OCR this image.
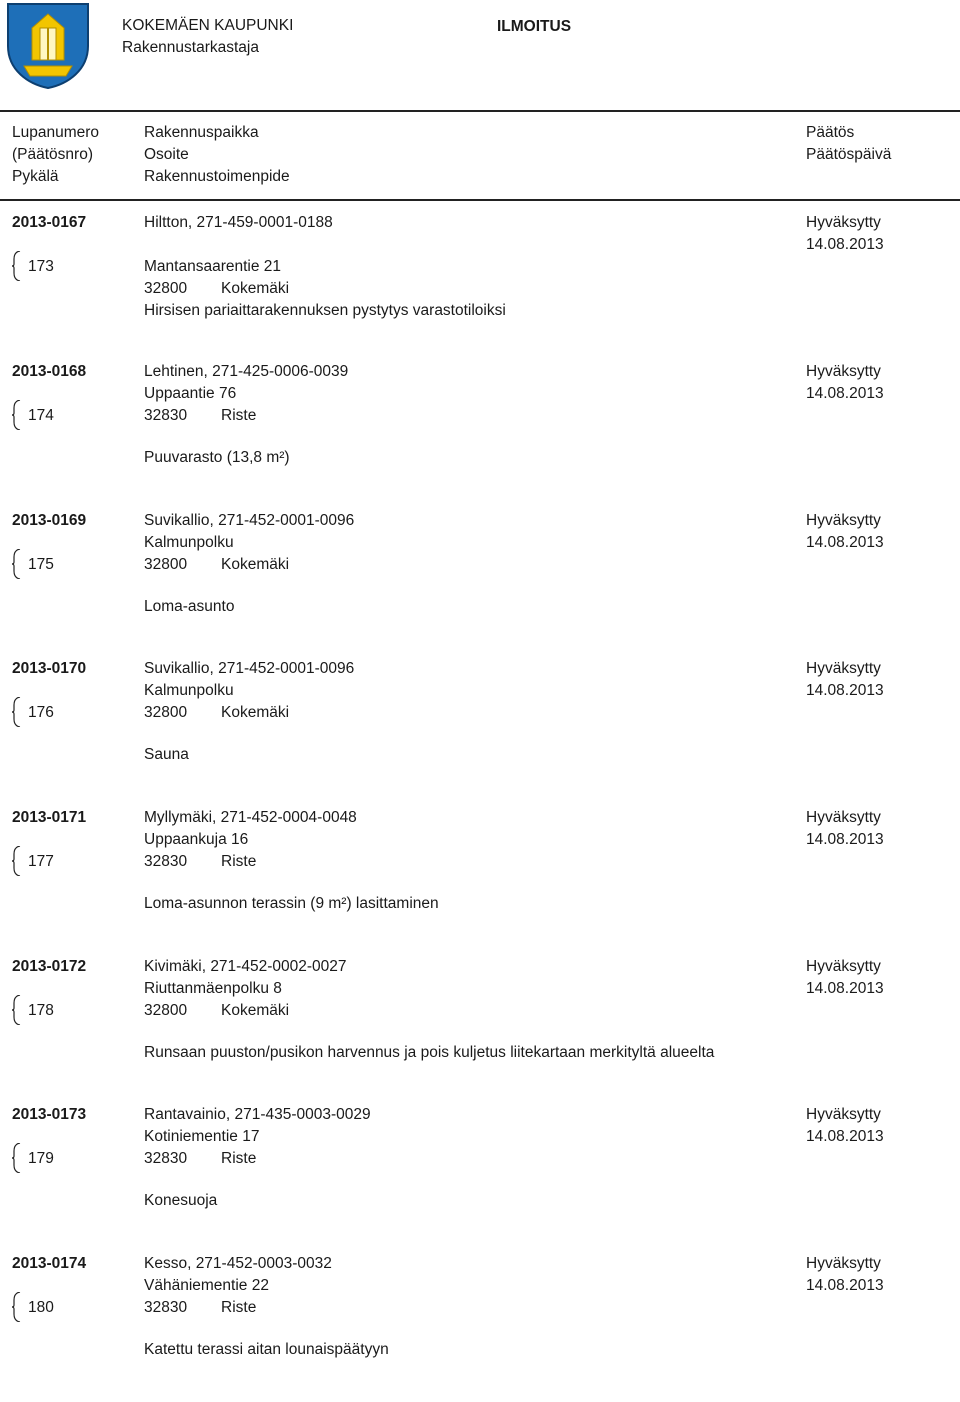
KOKEMÄEN KAUPUNKI
Rakennustarkastaja
ILMOITUS
Lupanumero
(Päätösnro)
Pykälä
Rakennuspaikka
Osoite
Rakennustoimenpide
Päätös
Päätöspäivä
2013-0167
173
Hiltton, 271-459-0001-0188
Mantansaarentie 21
32800 Kokemäki
Hirsisen pariaittarakennuksen pystytys varastotiloiksi
Hyväksytty
14.08.2013
2013-0168
174
Lehtinen, 271-425-0006-0039
Uppaantie 76
32830 Riste
Puuvarasto (13,8 m²)
Hyväksytty
14.08.2013
2013-0169
175
Suvikallio, 271-452-0001-0096
Kalmunpolku
32800 Kokemäki
Loma-asunto
Hyväksytty
14.08.2013
2013-0170
176
Suvikallio, 271-452-0001-0096
Kalmunpolku
32800 Kokemäki
Sauna
Hyväksytty
14.08.2013
2013-0171
177
Myllymäki, 271-452-0004-0048
Uppaankuja 16
32830 Riste
Loma-asunnon terassin (9 m²) lasittaminen
Hyväksytty
14.08.2013
2013-0172
178
Kivimäki, 271-452-0002-0027
Riuttanmäenpolku 8
32800 Kokemäki
Runsaan puuston/pusikon harvennus ja pois kuljetus liitekartaan merkityltä alueelta
Hyväksytty
14.08.2013
2013-0173
179
Rantavainio, 271-435-0003-0029
Kotiniementie 17
32830 Riste
Konesuoja
Hyväksytty
14.08.2013
2013-0174
180
Kesso, 271-452-0003-0032
Vähäniementie 22
32830 Riste
Katettu terassi aitan lounaispäätyyn
Hyväksytty
14.08.2013
